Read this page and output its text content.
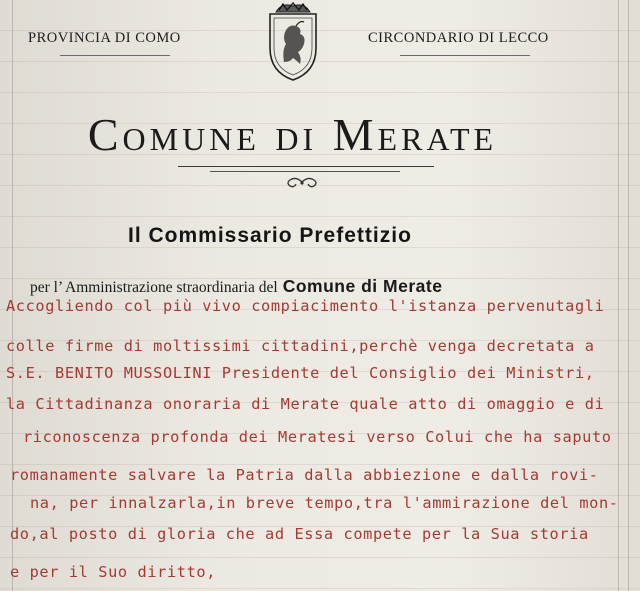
PROVINCIA DI COMO	CIRCONDARIO DI LECCO
Comune di Merate
Il Commissario Prefettizio
per l’ Amministrazione straordinaria del Comune di Merate
Accogliendo col più vivo compiacimento l'istanza pervenutagli
colle firme di moltissimi cittadini,perchè venga decretata a
S.E. BENITO MUSSOLINI Presidente del Consiglio dei Ministri,
la Cittadinanza onoraria di Merate quale atto di omaggio e di
riconoscenza profonda dei Meratesi verso Colui che ha saputo
romanamente salvare la Patria dalla abbiezione e dalla rovi-
na, per innalzarla,in breve tempo,tra l'ammirazione del mon-
do,al posto di gloria che ad Essa compete per la Sua storia
e per il Suo diritto,
